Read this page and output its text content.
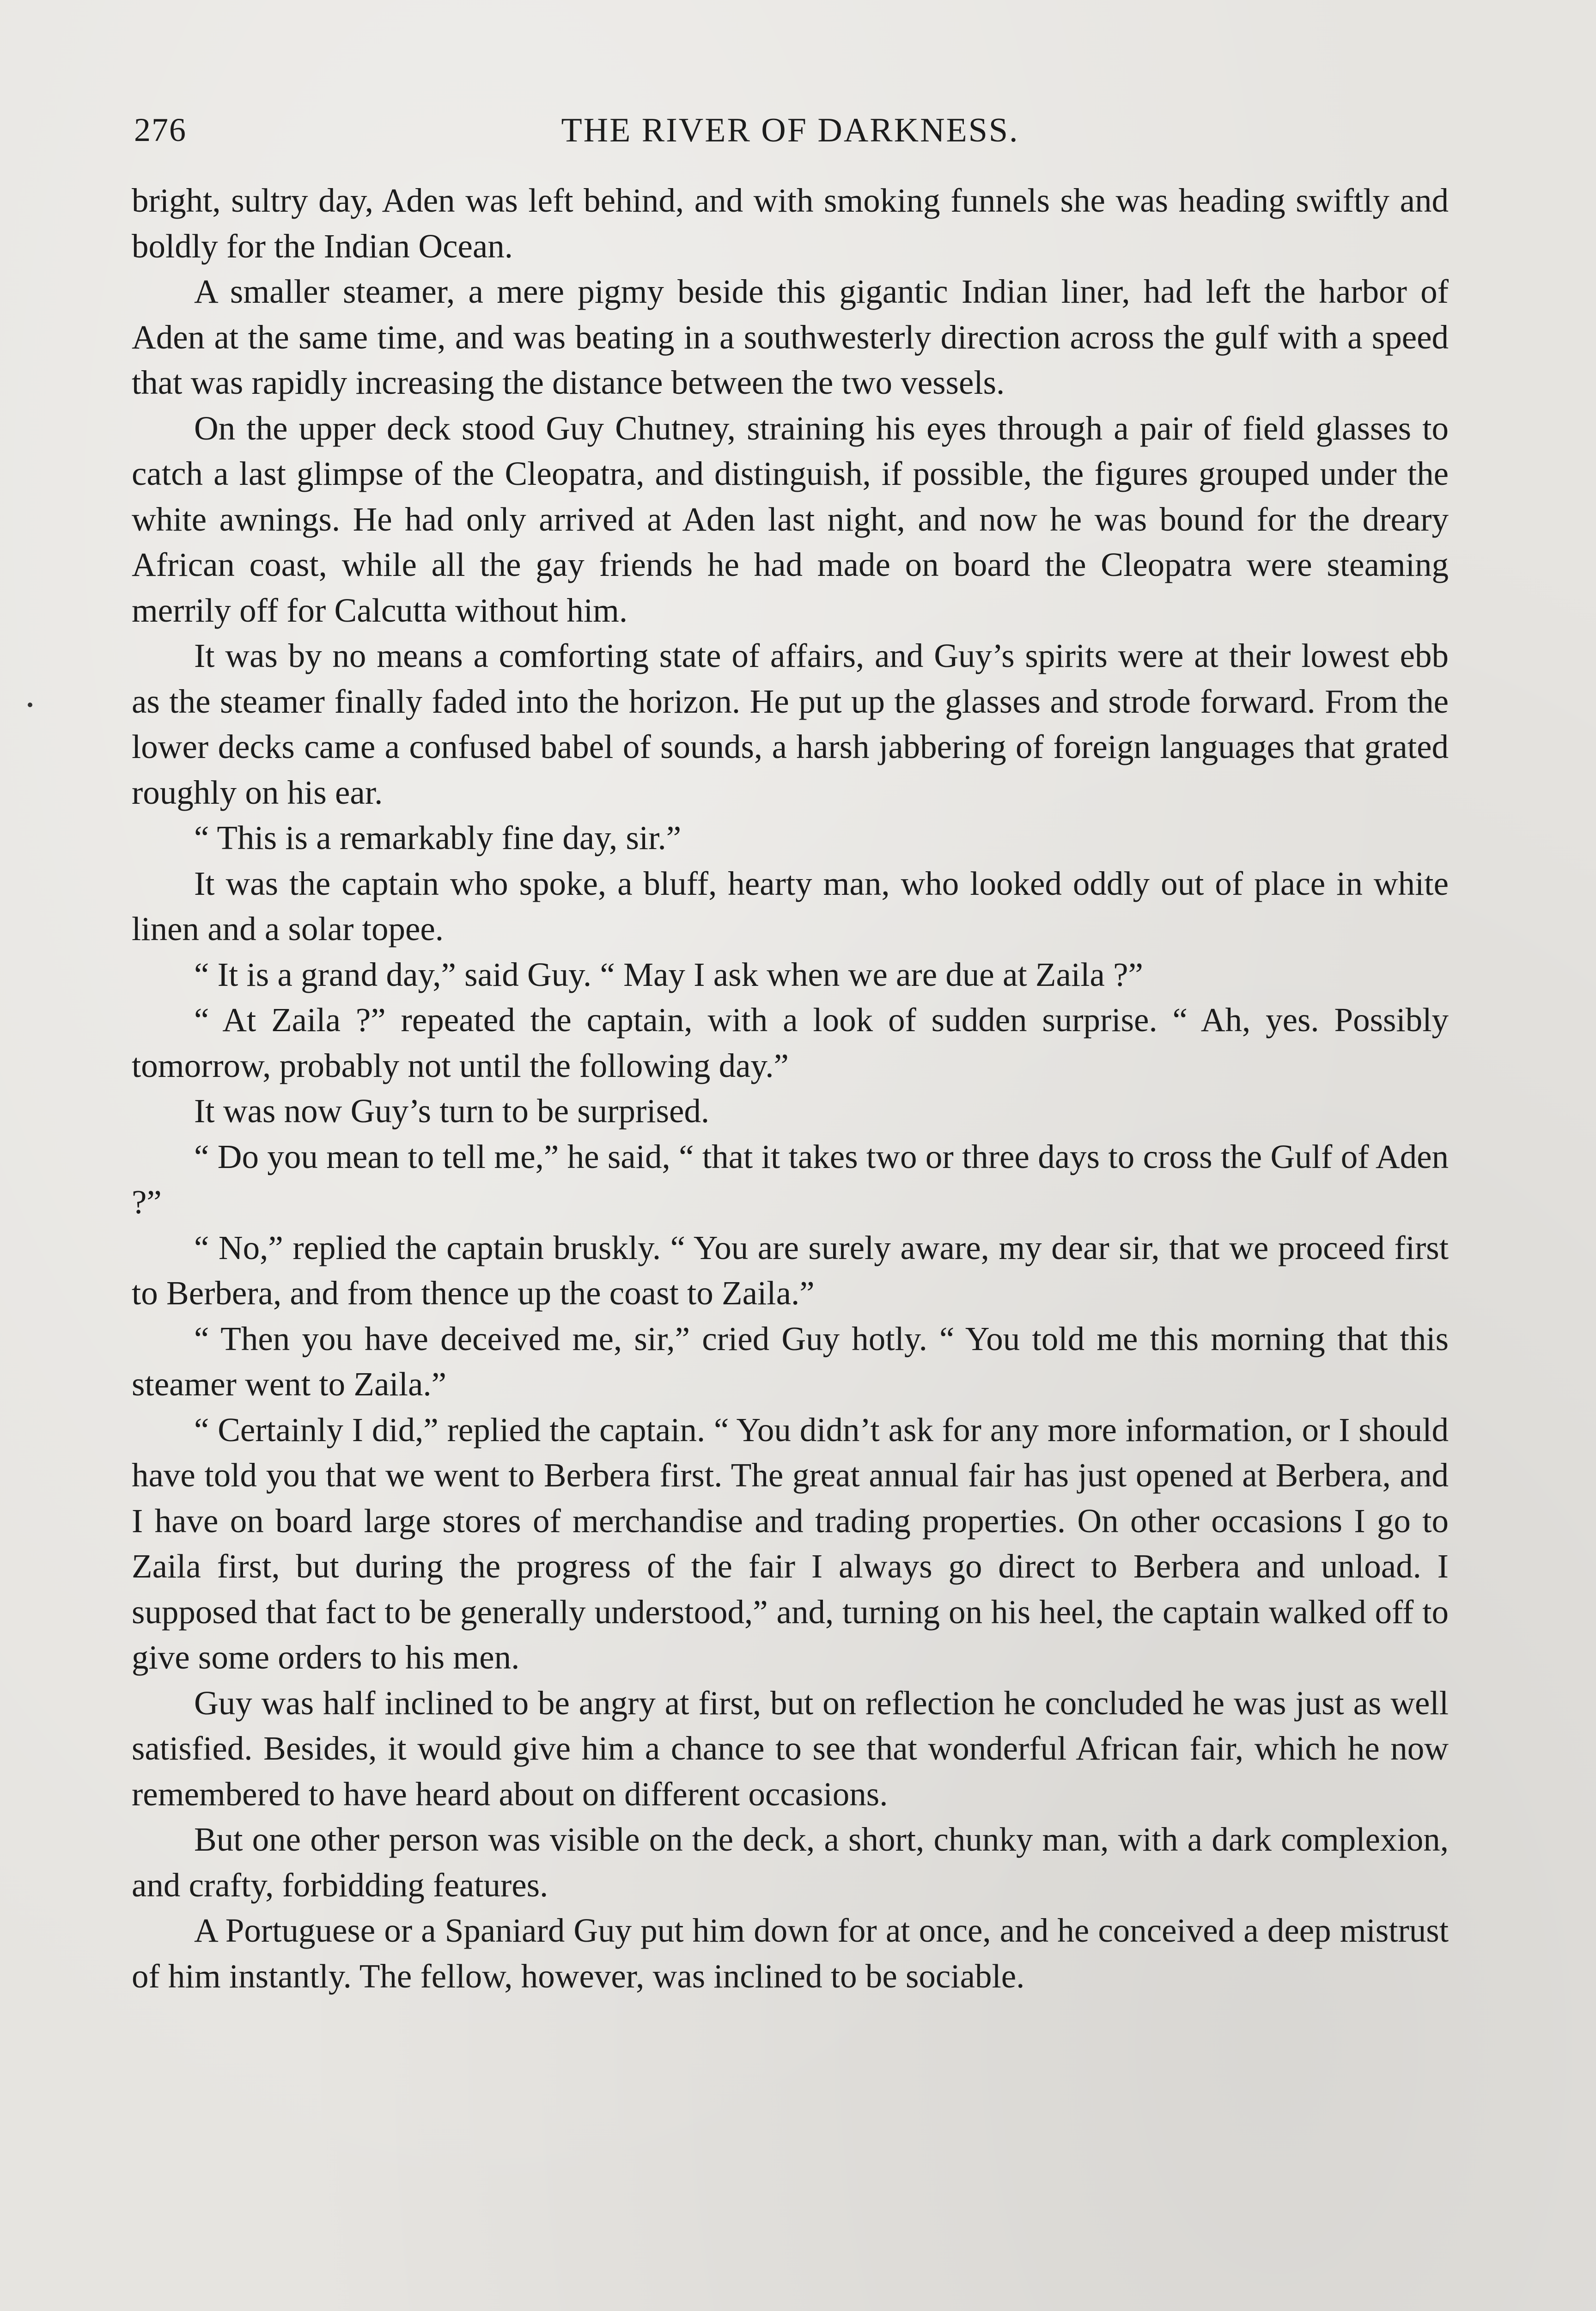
276	THE RIVER OF DARKNESS.

bright, sultry day, Aden was left behind, and with smoking funnels she was heading swiftly and boldly for the Indian Ocean.

A smaller steamer, a mere pigmy beside this gigantic Indian liner, had left the harbor of Aden at the same time, and was beating in a southwesterly direction across the gulf with a speed that was rapidly increasing the distance between the two vessels.

On the upper deck stood Guy Chutney, straining his eyes through a pair of field glasses to catch a last glimpse of the Cleopatra, and distinguish, if possible, the figures grouped under the white awnings. He had only arrived at Aden last night, and now he was bound for the dreary African coast, while all the gay friends he had made on board the Cleopatra were steaming merrily off for Calcutta without him.

It was by no means a comforting state of affairs, and Guy’s spirits were at their lowest ebb as the steamer finally faded into the horizon. He put up the glasses and strode forward. From the lower decks came a confused babel of sounds, a harsh jabbering of foreign languages that grated roughly on his ear.

“ This is a remarkably fine day, sir.”

It was the captain who spoke, a bluff, hearty man, who looked oddly out of place in white linen and a solar topee.

“ It is a grand day,” said Guy. “ May I ask when we are due at Zaila ?”

“ At Zaila ?” repeated the captain, with a look of sudden surprise. “ Ah, yes. Possibly tomorrow, probably not until the following day.”

It was now Guy’s turn to be surprised.

“ Do you mean to tell me,” he said, “ that it takes two or three days to cross the Gulf of Aden ?”

“ No,” replied the captain bruskly. “ You are surely aware, my dear sir, that we proceed first to Berbera, and from thence up the coast to Zaila.”

“ Then you have deceived me, sir,” cried Guy hotly. “ You told me this morning that this steamer went to Zaila.”

“ Certainly I did,” replied the captain. “ You didn’t ask for any more information, or I should have told you that we went to Berbera first. The great annual fair has just opened at Berbera, and I have on board large stores of merchandise and trading properties. On other occasions I go to Zaila first, but during the progress of the fair I always go direct to Berbera and unload. I supposed that fact to be generally understood,” and, turning on his heel, the captain walked off to give some orders to his men.

Guy was half inclined to be angry at first, but on reflection he concluded he was just as well satisfied. Besides, it would give him a chance to see that wonderful African fair, which he now remembered to have heard about on different occasions.

But one other person was visible on the deck, a short, chunky man, with a dark complexion, and crafty, forbidding features.

A Portuguese or a Spaniard Guy put him down for at once, and he conceived a deep mistrust of him instantly. The fellow, however, was inclined to be sociable.
